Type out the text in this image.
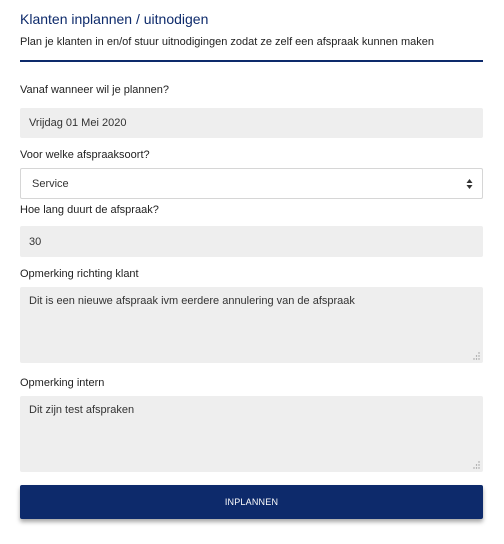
Klanten inplannen / uitnodigen
Plan je klanten in en/of stuur uitnodigingen zodat ze zelf een afspraak kunnen maken
Vanaf wanneer wil je plannen?
Vrijdag 01 Mei 2020
Voor welke afspraaksoort?
Service
Hoe lang duurt de afspraak?
30
Opmerking richting klant
Dit is een nieuwe afspraak ivm eerdere annulering van de afspraak
Opmerking intern
Dit zijn test afspraken
INPLANNEN
